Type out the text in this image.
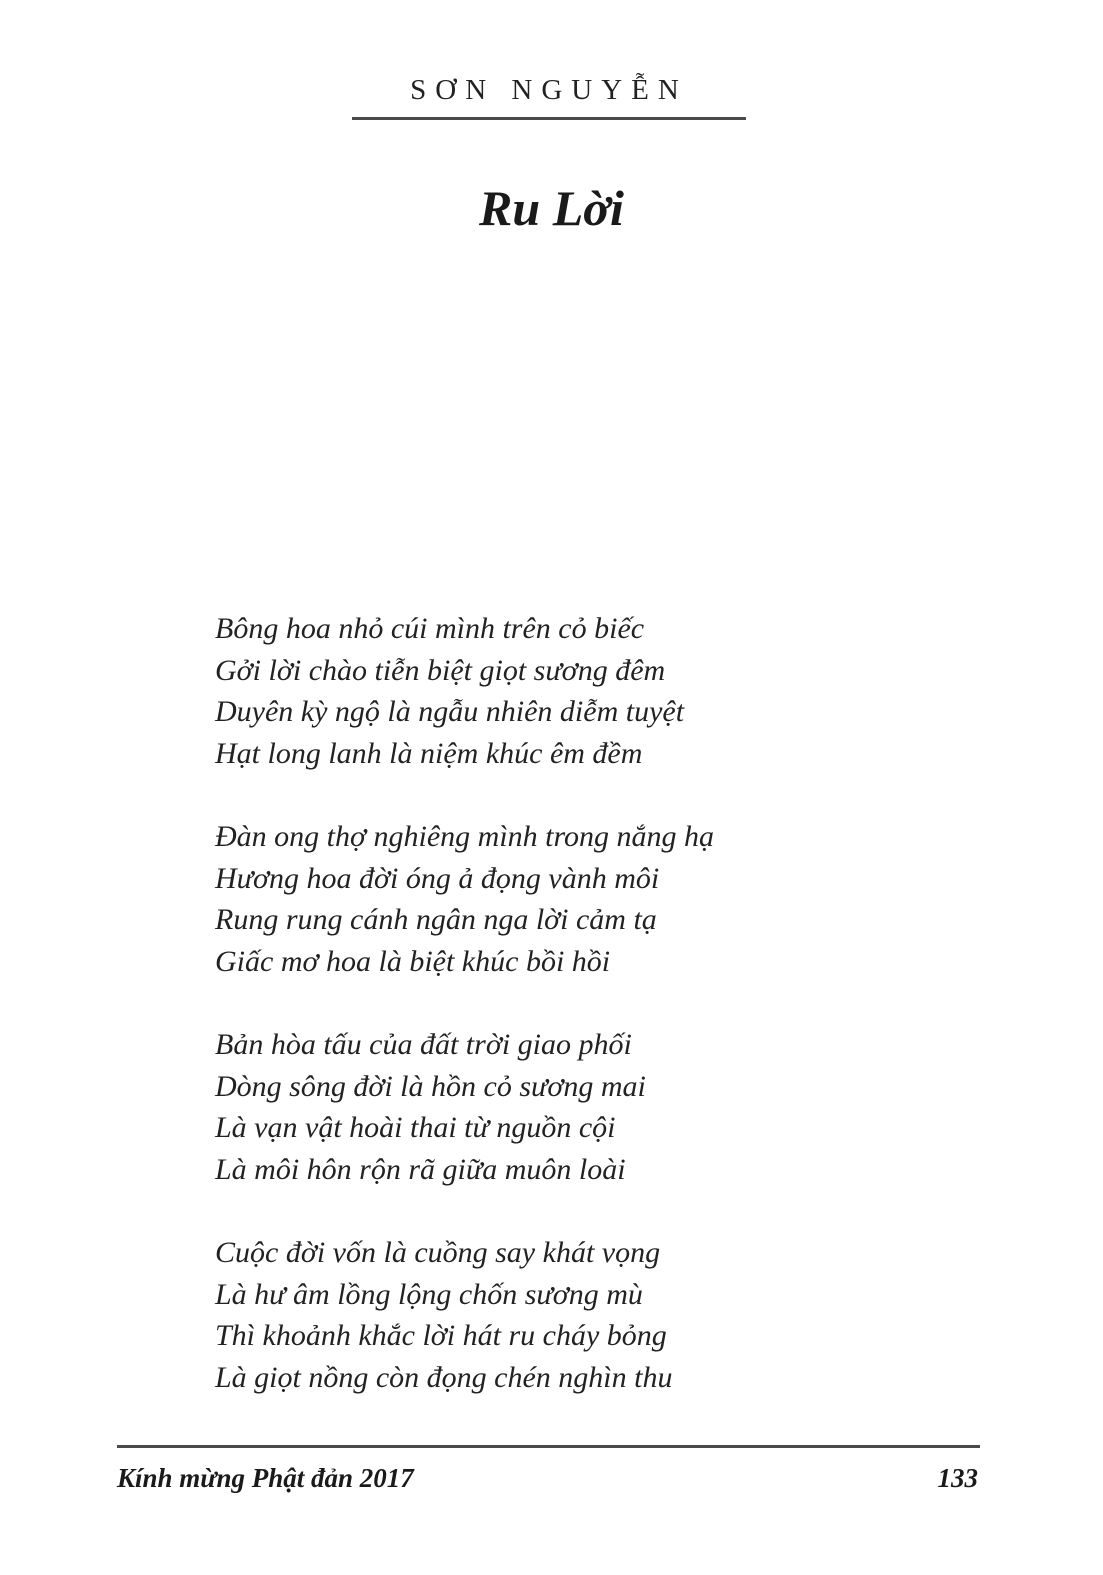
SƠN NGUYỄN
Ru Lời
Bông hoa nhỏ cúi mình trên cỏ biếc
Gởi lời chào tiễn biệt giọt sương đêm
Duyên kỳ ngộ là ngẫu nhiên diễm tuyệt
Hạt long lanh là niệm khúc êm đềm
Đàn ong thợ nghiêng mình trong nắng hạ
Hương hoa đời óng ả đọng vành môi
Rung rung cánh ngân nga lời cảm tạ
Giấc mơ hoa là biệt khúc bồi hồi
Bản hòa tấu của đất trời giao phối
Dòng sông đời là hồn cỏ sương mai
Là vạn vật hoài thai từ nguồn cội
Là môi hôn rộn rã giữa muôn loài
Cuộc đời vốn là cuồng say khát vọng
Là hư âm lồng lộng chốn sương mù
Thì khoảnh khắc lời hát ru cháy bỏng
Là giọt nồng còn đọng chén nghìn thu
Kính mừng Phật đản 2017	133
